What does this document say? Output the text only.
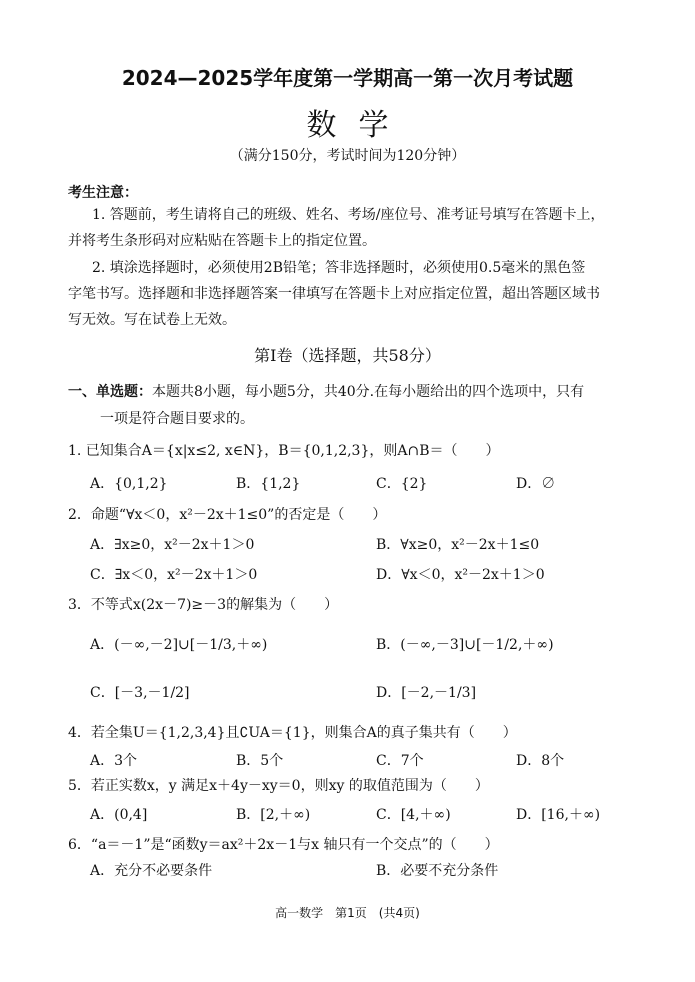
2024—2025学年度第一学期高一第一次月考试题
数学
（满分150分，考试时间为120分钟）
考生注意：
1. 答题前，考生请将自己的班级、姓名、考场/座位号、准考证号填写在答题卡上，
并将考生条形码对应粘贴在答题卡上的指定位置。
2. 填涂选择题时，必须使用2B铅笔；答非选择题时，必须使用0.5毫米的黑色签
字笔书写。选择题和非选择题答案一律填写在答题卡上对应指定位置，超出答题区域书
写无效。写在试卷上无效。
第Ⅰ卷（选择题，共58分）
一、单选题：本题共8小题，每小题5分，共40分.在每小题给出的四个选项中，只有
一项是符合题目要求的。
1. 已知集合A＝{x|x≤2, x∈N}，B＝{0,1,2,3}，则A∩B＝（　　）
A．{0,1,2}	B．{1,2}	C．{2}	D．∅
2．命题“∀x＜0，x²－2x＋1≤0”的否定是（　　）
A．∃x≥0，x²－2x＋1＞0	B．∀x≥0，x²－2x＋1≤0
C．∃x＜0，x²－2x＋1＞0	D．∀x＜0，x²－2x＋1＞0
3．不等式x(2x－7)≥－3的解集为（　　）
A．(－∞,－2]∪[－1/3,＋∞)	B．(－∞,－3]∪[－1/2,＋∞)
C．[－3,－1/2]	D．[－2,－1/3]
4．若全集U＝{1,2,3,4}且∁UA＝{1}，则集合A的真子集共有（　　）
A．3个	B．5个	C．7个	D．8个
5．若正实数x，y 满足x＋4y－xy＝0，则xy 的取值范围为（　　）
A．(0,4]	B．[2,＋∞)	C．[4,＋∞)	D．[16,＋∞)
6．“a＝－1”是“函数y＝ax²＋2x－1与x 轴只有一个交点”的（　　）
A．充分不必要条件	B．必要不充分条件
高一数学　第1页　(共4页)
